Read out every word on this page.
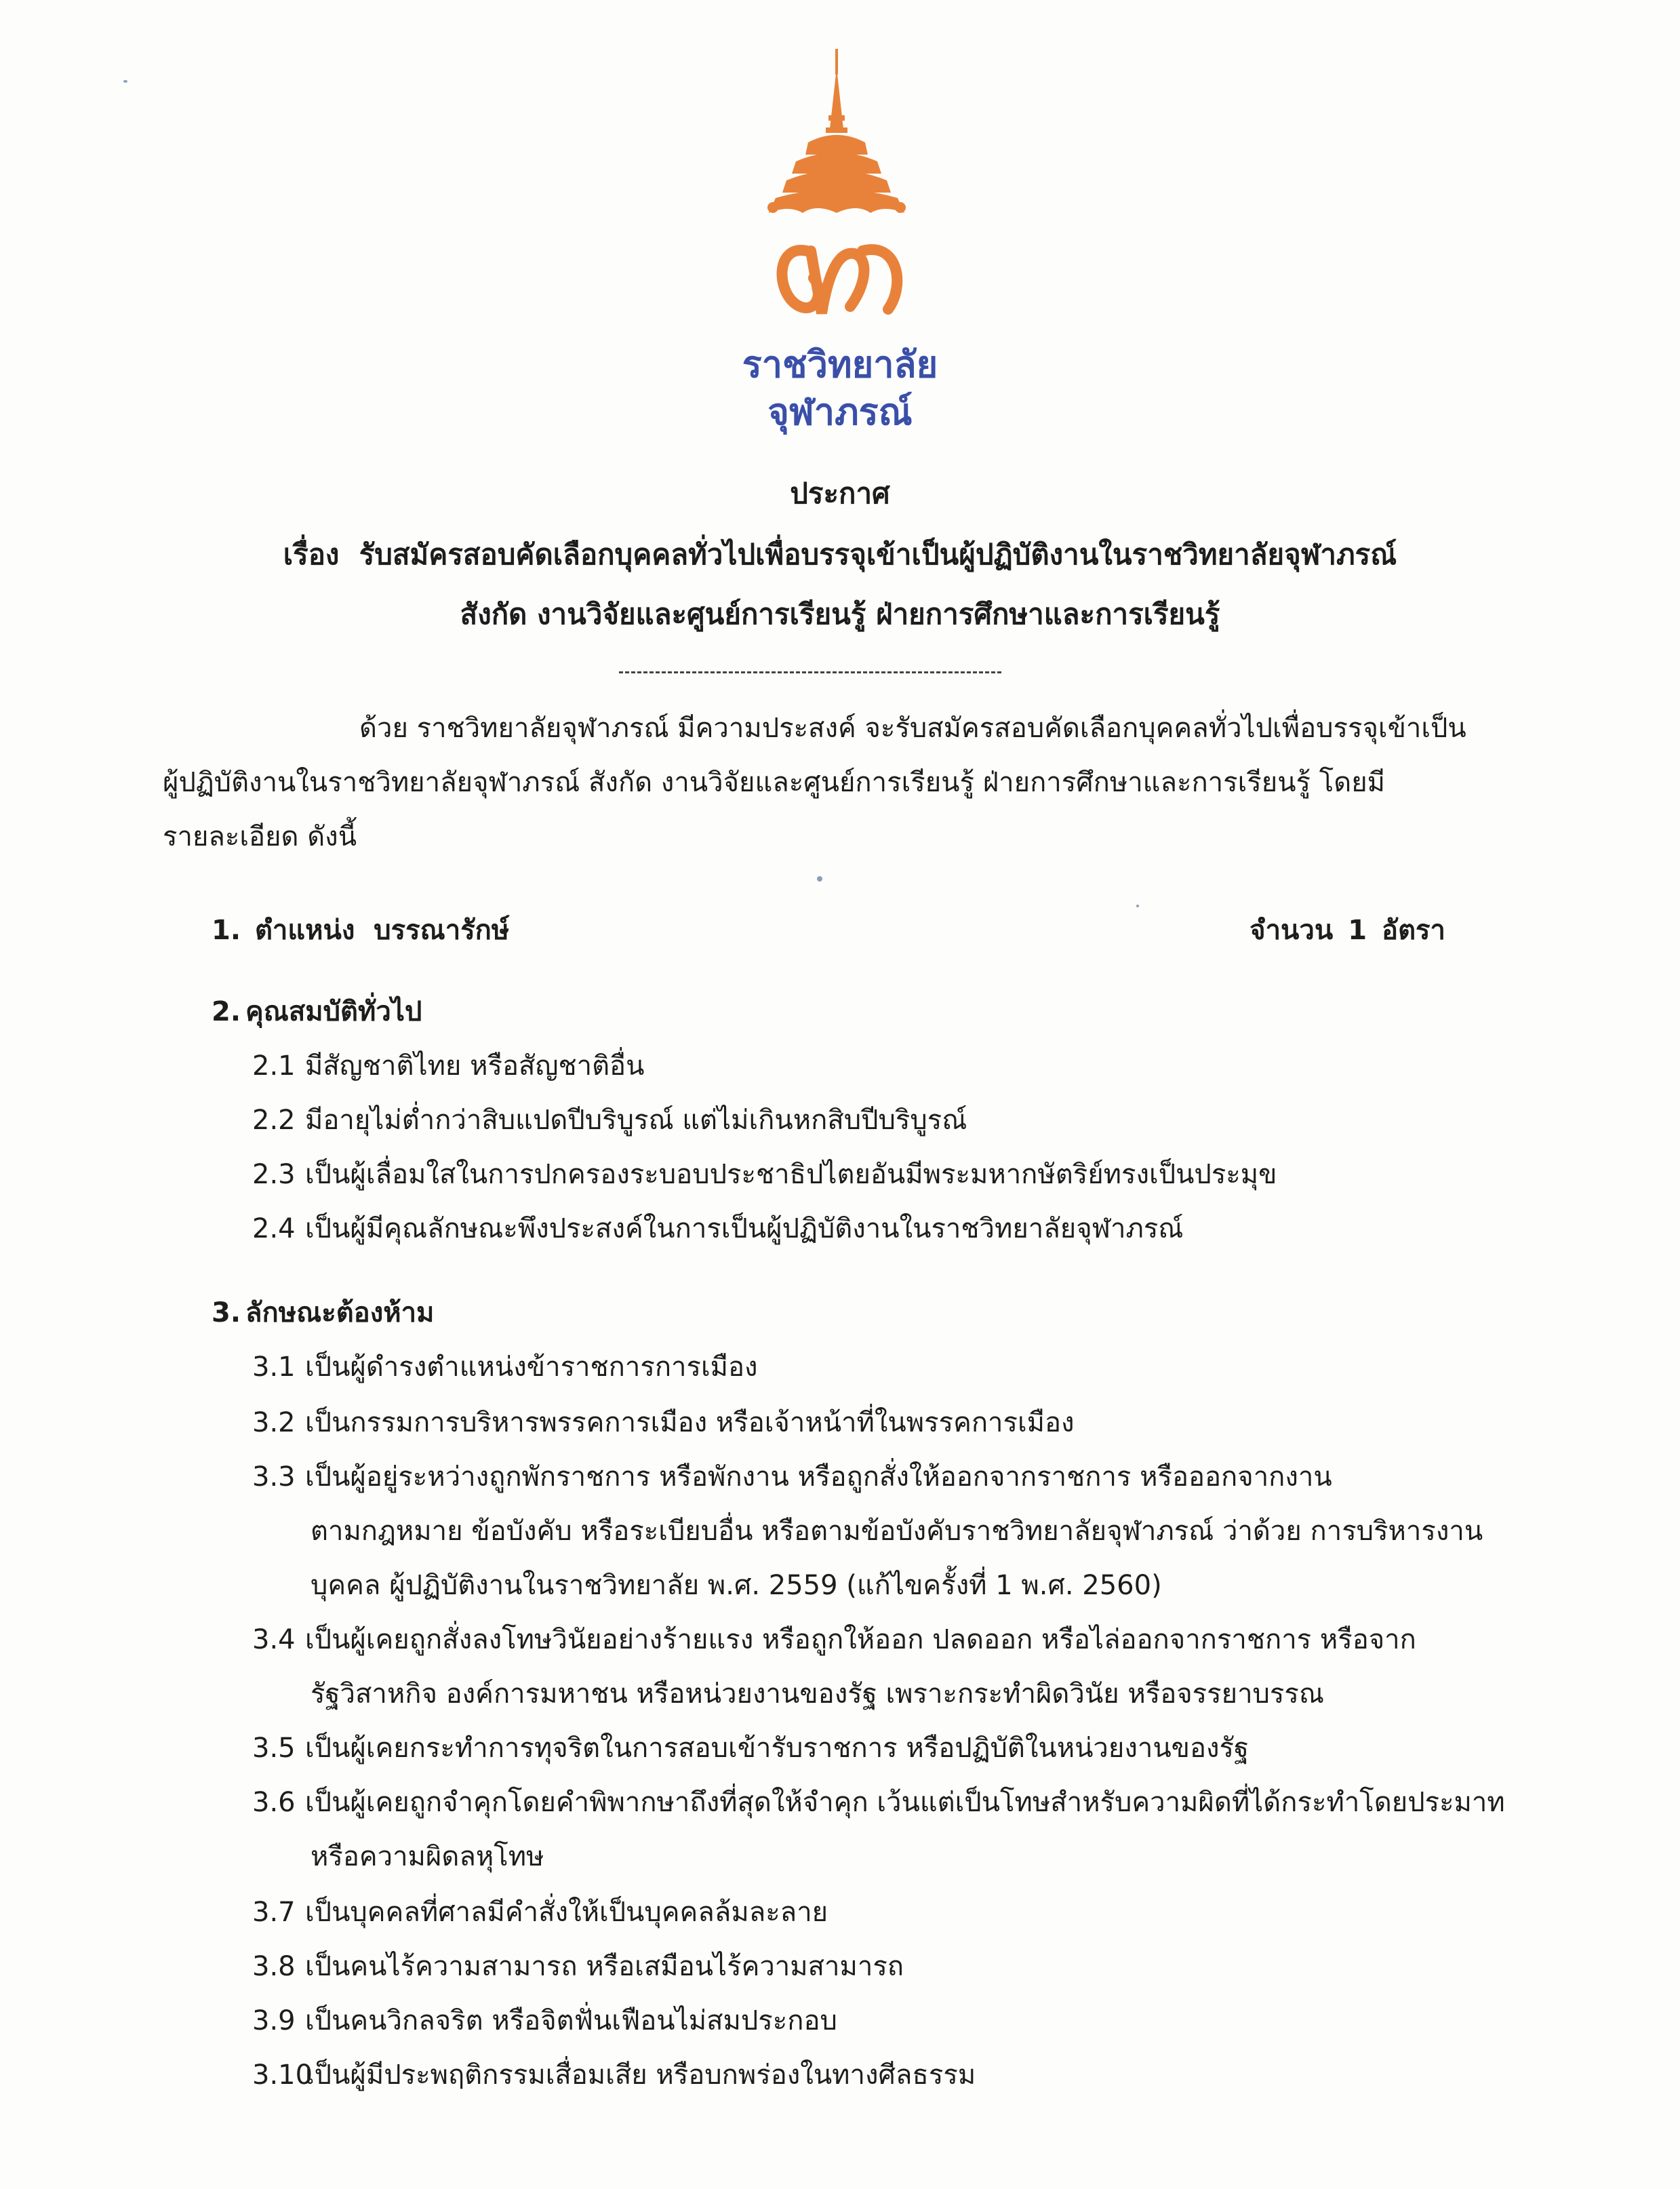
ราชวิทยาลัย
จุฬาภรณ์
ประกาศ
เรื่อง รับสมัครสอบคัดเลือกบุคคลทั่วไปเพื่อบรรจุเข้าเป็นผู้ปฏิบัติงานในราชวิทยาลัยจุฬาภรณ์
สังกัด งานวิจัยและศูนย์การเรียนรู้ ฝ่ายการศึกษาและการเรียนรู้
ด้วย ราชวิทยาลัยจุฬาภรณ์ มีความประสงค์ จะรับสมัครสอบคัดเลือกบุคคลทั่วไปเพื่อบรรจุเข้าเป็น
ผู้ปฏิบัติงานในราชวิทยาลัยจุฬาภรณ์ สังกัด งานวิจัยและศูนย์การเรียนรู้ ฝ่ายการศึกษาและการเรียนรู้ โดยมี
รายละเอียด ดังนี้
1. ตำแหน่ง บรรณารักษ์	จำนวน 1 อัตรา
2. คุณสมบัติทั่วไป
2.1 มีสัญชาติไทย หรือสัญชาติอื่น
2.2 มีอายุไม่ต่ำกว่าสิบแปดปีบริบูรณ์ แต่ไม่เกินหกสิบปีบริบูรณ์
2.3 เป็นผู้เลื่อมใสในการปกครองระบอบประชาธิปไตยอันมีพระมหากษัตริย์ทรงเป็นประมุข
2.4 เป็นผู้มีคุณลักษณะพึงประสงค์ในการเป็นผู้ปฏิบัติงานในราชวิทยาลัยจุฬาภรณ์
3. ลักษณะต้องห้าม
3.1 เป็นผู้ดำรงตำแหน่งข้าราชการการเมือง
3.2 เป็นกรรมการบริหารพรรคการเมือง หรือเจ้าหน้าที่ในพรรคการเมือง
3.3 เป็นผู้อยู่ระหว่างถูกพักราชการ หรือพักงาน หรือถูกสั่งให้ออกจากราชการ หรือออกจากงาน
ตามกฎหมาย ข้อบังคับ หรือระเบียบอื่น หรือตามข้อบังคับราชวิทยาลัยจุฬาภรณ์ ว่าด้วย การบริหารงาน
บุคคล ผู้ปฏิบัติงานในราชวิทยาลัย พ.ศ. 2559 (แก้ไขครั้งที่ 1 พ.ศ. 2560)
3.4 เป็นผู้เคยถูกสั่งลงโทษวินัยอย่างร้ายแรง หรือถูกให้ออก ปลดออก หรือไล่ออกจากราชการ หรือจาก
รัฐวิสาหกิจ องค์การมหาชน หรือหน่วยงานของรัฐ เพราะกระทำผิดวินัย หรือจรรยาบรรณ
3.5 เป็นผู้เคยกระทำการทุจริตในการสอบเข้ารับราชการ หรือปฏิบัติในหน่วยงานของรัฐ
3.6 เป็นผู้เคยถูกจำคุกโดยคำพิพากษาถึงที่สุดให้จำคุก เว้นแต่เป็นโทษสำหรับความผิดที่ได้กระทำโดยประมาท
หรือความผิดลหุโทษ
3.7 เป็นบุคคลที่ศาลมีคำสั่งให้เป็นบุคคลล้มละลาย
3.8 เป็นคนไร้ความสามารถ หรือเสมือนไร้ความสามารถ
3.9 เป็นคนวิกลจริต หรือจิตฟั่นเฟือนไม่สมประกอบ
3.10เป็นผู้มีประพฤติกรรมเสื่อมเสีย หรือบกพร่องในทางศีลธรรม
